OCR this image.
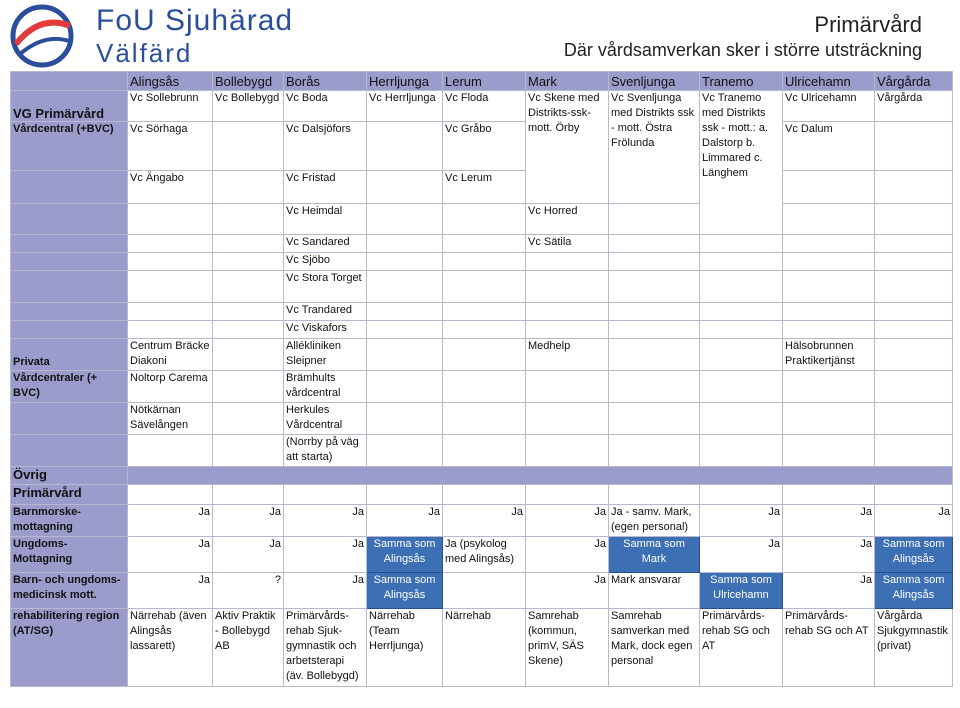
FoU Sjuhärad
Välfärd
Primärvård
Där vårdsamverkan sker i större utsträckning
	Alingsås	Bollebygd	Borås	Herrljunga	Lerum	Mark	Svenljunga	Tranemo	Ulricehamn	Vårgårda
VG Primärvård	Vc Sollebrunn	Vc Bollebygd	Vc Boda	Vc Herrljunga	Vc Floda	Vc Skene med Distrikts-ssk-mott. Örby	Vc Svenljunga med Distrikts ssk - mott. Östra Frölunda	Vc Tranemo med Distrikts ssk - mott.: a. Dalstorp b. Limmared c. Länghem	Vc Ulricehamn	Vårgårda
Vårdcentral (+BVC)	Vc Sörhaga		Vc Dalsjöfors		Vc Gråbo				Vc Dalum	
	Vc Ängabo		Vc Fristad		Vc Lerum					
			Vc Heimdal			Vc Horred				
			Vc Sandared			Vc Sätila				
			Vc Sjöbo							
			Vc Stora Torget							
			Vc Trandared							
			Vc Viskafors							
Privata	Centrum Bräcke Diakoni		Allékliniken Sleipner			Medhelp			Hälsobrunnen Praktikertjänst	
Vårdcentraler (+ BVC)	Noltorp Carema		Brämhults vårdcentral							
	Nötkärnan Sävelången		Herkules Vårdcentral							
			(Norrby på väg att starta)							
Övrig										
Primärvård										
Barnmorske-mottagning	Ja	Ja	Ja	Ja	Ja	Ja	Ja - samv. Mark, (egen personal)	Ja	Ja	Ja
Ungdoms-Mottagning	Ja	Ja	Ja	Samma som Alingsås	Ja (psykolog med Alingsås)	Ja	Samma som Mark	Ja	Ja	Samma som Alingsås
Barn- och ungdoms-medicinsk mott.	Ja	?	Ja	Samma som Alingsås		Ja	Mark ansvarar	Samma som Ulricehamn	Ja	Samma som Alingsås
rehabilitering region (AT/SG)	Närrehab (även Alingsås lassarett)	Aktiv Praktik - Bollebygd AB	Primärvårds-rehab Sjuk-gymnastik och arbetsterapi (äv. Bollebygd)	Närrehab (Team Herrljunga)	Närrehab	Samrehab (kommun, primV, SÄS Skene)	Samrehab samverkan med Mark, dock egen personal	Primärvårds-rehab SG och AT	Primärvårds-rehab SG och AT	Vårgårda Sjukgymnastik (privat)
